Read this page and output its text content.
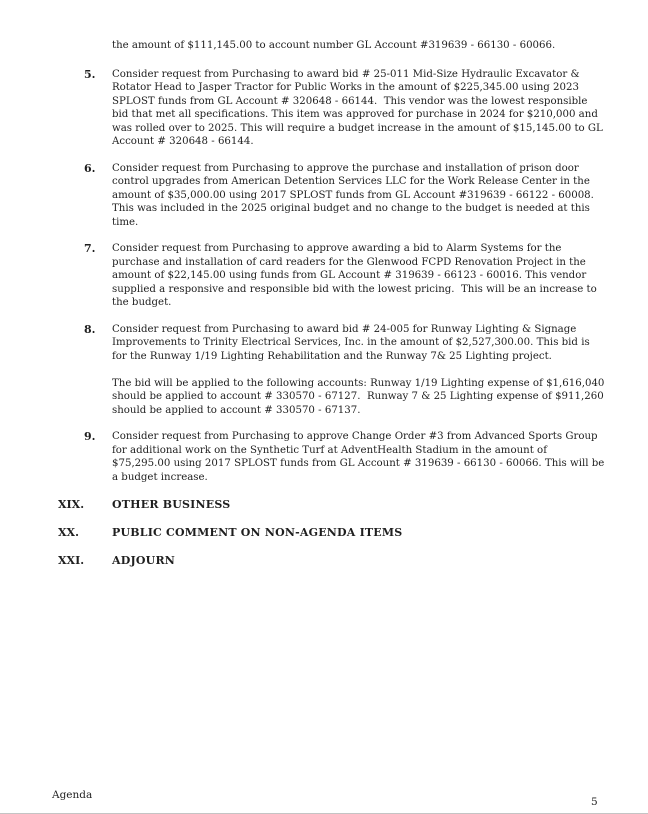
the amount of $111,145.00 to account number GL Account #319639 - 66130 - 60066.
5.	Consider request from Purchasing to award bid # 25-011 Mid-Size Hydraulic Excavator &
Rotator Head to Jasper Tractor for Public Works in the amount of $225,345.00 using 2023
SPLOST funds from GL Account # 320648 - 66144.  This vendor was the lowest responsible
bid that met all specifications. This item was approved for purchase in 2024 for $210,000 and
was rolled over to 2025. This will require a budget increase in the amount of $15,145.00 to GL
Account # 320648 - 66144.
6.	Consider request from Purchasing to approve the purchase and installation of prison door
control upgrades from American Detention Services LLC for the Work Release Center in the
amount of $35,000.00 using 2017 SPLOST funds from GL Account #319639 - 66122 - 60008.
This was included in the 2025 original budget and no change to the budget is needed at this
time.
7.	Consider request from Purchasing to approve awarding a bid to Alarm Systems for the
purchase and installation of card readers for the Glenwood FCPD Renovation Project in the
amount of $22,145.00 using funds from GL Account # 319639 - 66123 - 60016. This vendor
supplied a responsive and responsible bid with the lowest pricing.  This will be an increase to
the budget.
8.	Consider request from Purchasing to award bid # 24-005 for Runway Lighting & Signage
Improvements to Trinity Electrical Services, Inc. in the amount of $2,527,300.00. This bid is
for the Runway 1/19 Lighting Rehabilitation and the Runway 7& 25 Lighting project.
The bid will be applied to the following accounts: Runway 1/19 Lighting expense of $1,616,040
should be applied to account # 330570 - 67127.  Runway 7 & 25 Lighting expense of $911,260
should be applied to account # 330570 - 67137.
9.	Consider request from Purchasing to approve Change Order #3 from Advanced Sports Group
for additional work on the Synthetic Turf at AdventHealth Stadium in the amount of
$75,295.00 using 2017 SPLOST funds from GL Account # 319639 - 66130 - 60066. This will be
a budget increase.
XIX.	OTHER BUSINESS
XX.	PUBLIC COMMENT ON NON-AGENDA ITEMS
XXI.	ADJOURN
Agenda
5
